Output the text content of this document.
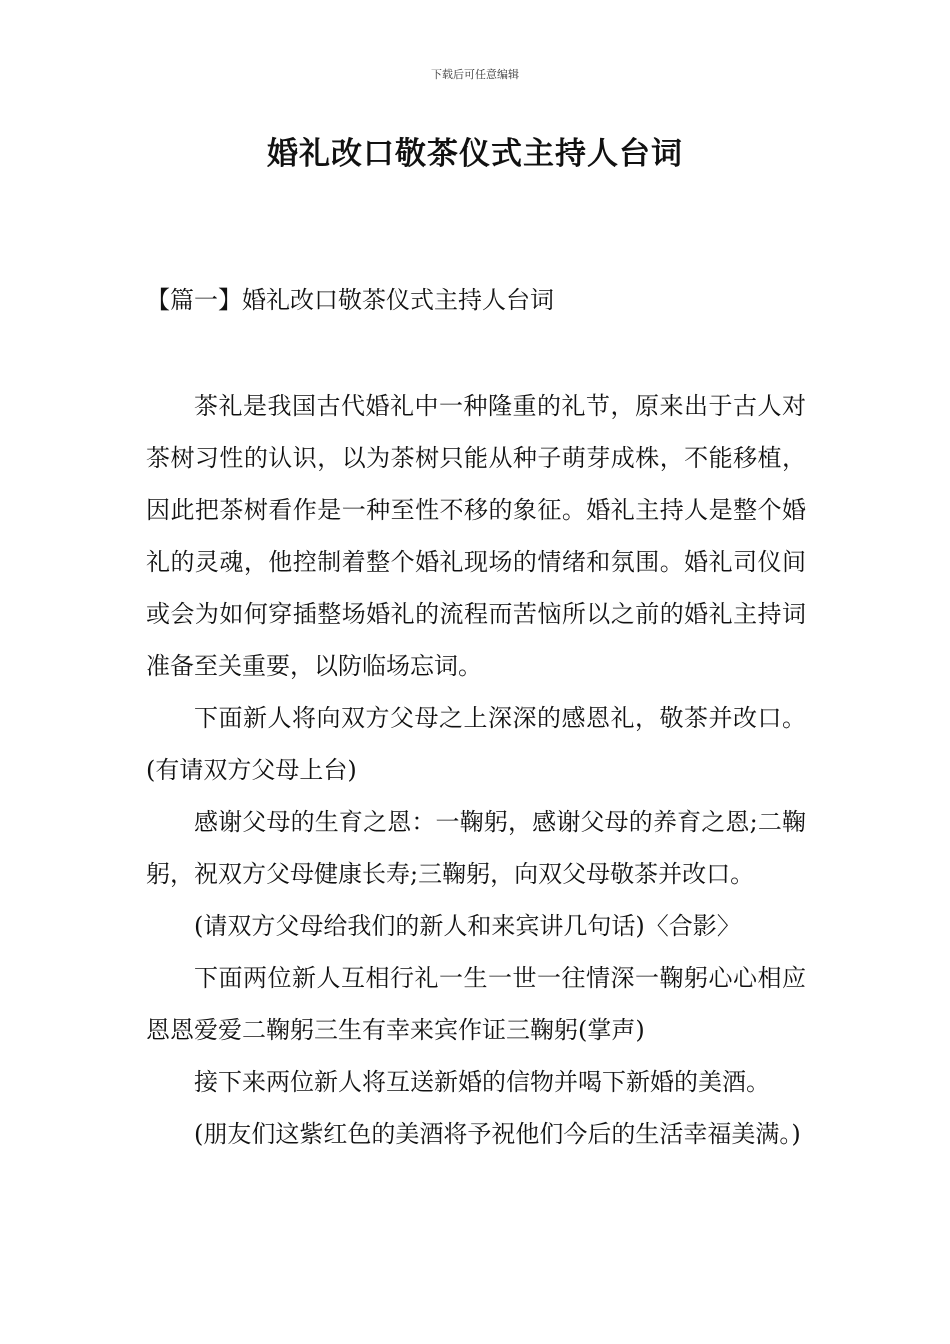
下载后可任意编辑
婚礼改口敬茶仪式主持人台词
【篇一】婚礼改口敬茶仪式主持人台词

茶礼是我国古代婚礼中一种隆重的礼节，原来出于古人对茶树习性的认识，以为茶树只能从种子萌芽成株，不能移植，因此把茶树看作是一种至性不移的象征。婚礼主持人是整个婚礼的灵魂，他控制着整个婚礼现场的情绪和氛围。婚礼司仪间或会为如何穿插整场婚礼的流程而苦恼所以之前的婚礼主持词准备至关重要，以防临场忘词。

下面新人将向双方父母之上深深的感恩礼，敬茶并改口。(有请双方父母上台)

感谢父母的生育之恩：一鞠躬，感谢父母的养育之恩;二鞠躬，祝双方父母健康长寿;三鞠躬，向双父母敬茶并改口。

(请双方父母给我们的新人和来宾讲几句话)〈合影〉

下面两位新人互相行礼一生一世一往情深一鞠躬心心相应恩恩爱爱二鞠躬三生有幸来宾作证三鞠躬(掌声)

接下来两位新人将互送新婚的信物并喝下新婚的美酒。

(朋友们这紫红色的美酒将予祝他们今后的生活幸福美满。)
